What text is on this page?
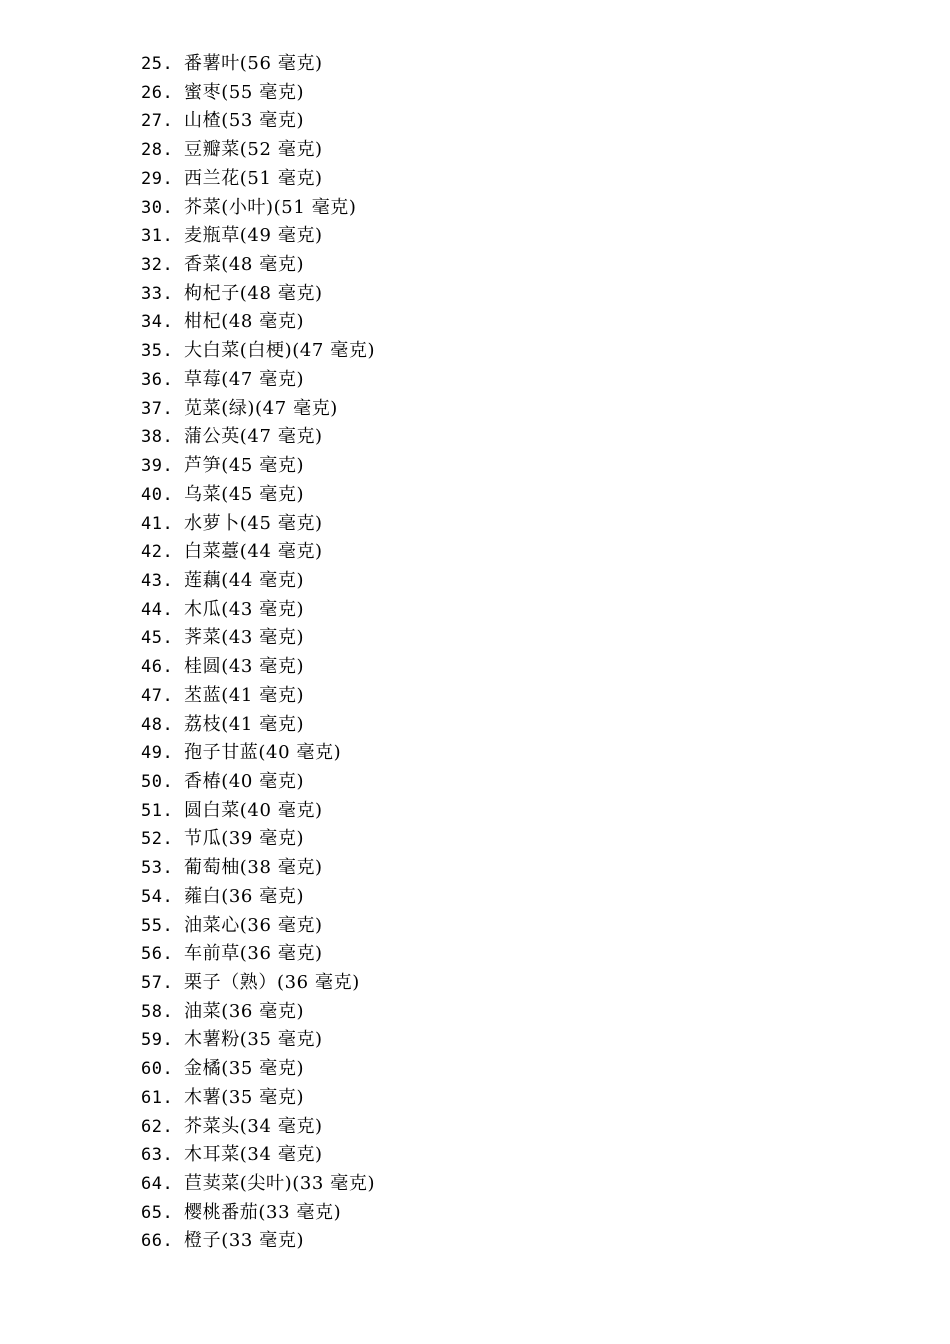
25. 番薯叶(56 毫克)
26. 蜜枣(55 毫克)
27. 山楂(53 毫克)
28. 豆瓣菜(52 毫克)
29. 西兰花(51 毫克)
30. 芥菜(小叶)(51 毫克)
31. 麦瓶草(49 毫克)
32. 香菜(48 毫克)
33. 枸杞子(48 毫克)
34. 柑杞(48 毫克)
35. 大白菜(白梗)(47 毫克)
36. 草莓(47 毫克)
37. 苋菜(绿)(47 毫克)
38. 蒲公英(47 毫克)
39. 芦笋(45 毫克)
40. 乌菜(45 毫克)
41. 水萝卜(45 毫克)
42. 白菜薹(44 毫克)
43. 莲藕(44 毫克)
44. 木瓜(43 毫克)
45. 荠菜(43 毫克)
46. 桂圆(43 毫克)
47. 苤蓝(41 毫克)
48. 荔枝(41 毫克)
49. 孢子甘蓝(40 毫克)
50. 香椿(40 毫克)
51. 圆白菜(40 毫克)
52. 节瓜(39 毫克)
53. 葡萄柚(38 毫克)
54. 蕹白(36 毫克)
55. 油菜心(36 毫克)
56. 车前草(36 毫克)
57. 栗子（熟）(36 毫克)
58. 油菜(36 毫克)
59. 木薯粉(35 毫克)
60. 金橘(35 毫克)
61. 木薯(35 毫克)
62. 芥菜头(34 毫克)
63. 木耳菜(34 毫克)
64. 苣荬菜(尖叶)(33 毫克)
65. 樱桃番茄(33 毫克)
66. 橙子(33 毫克)
